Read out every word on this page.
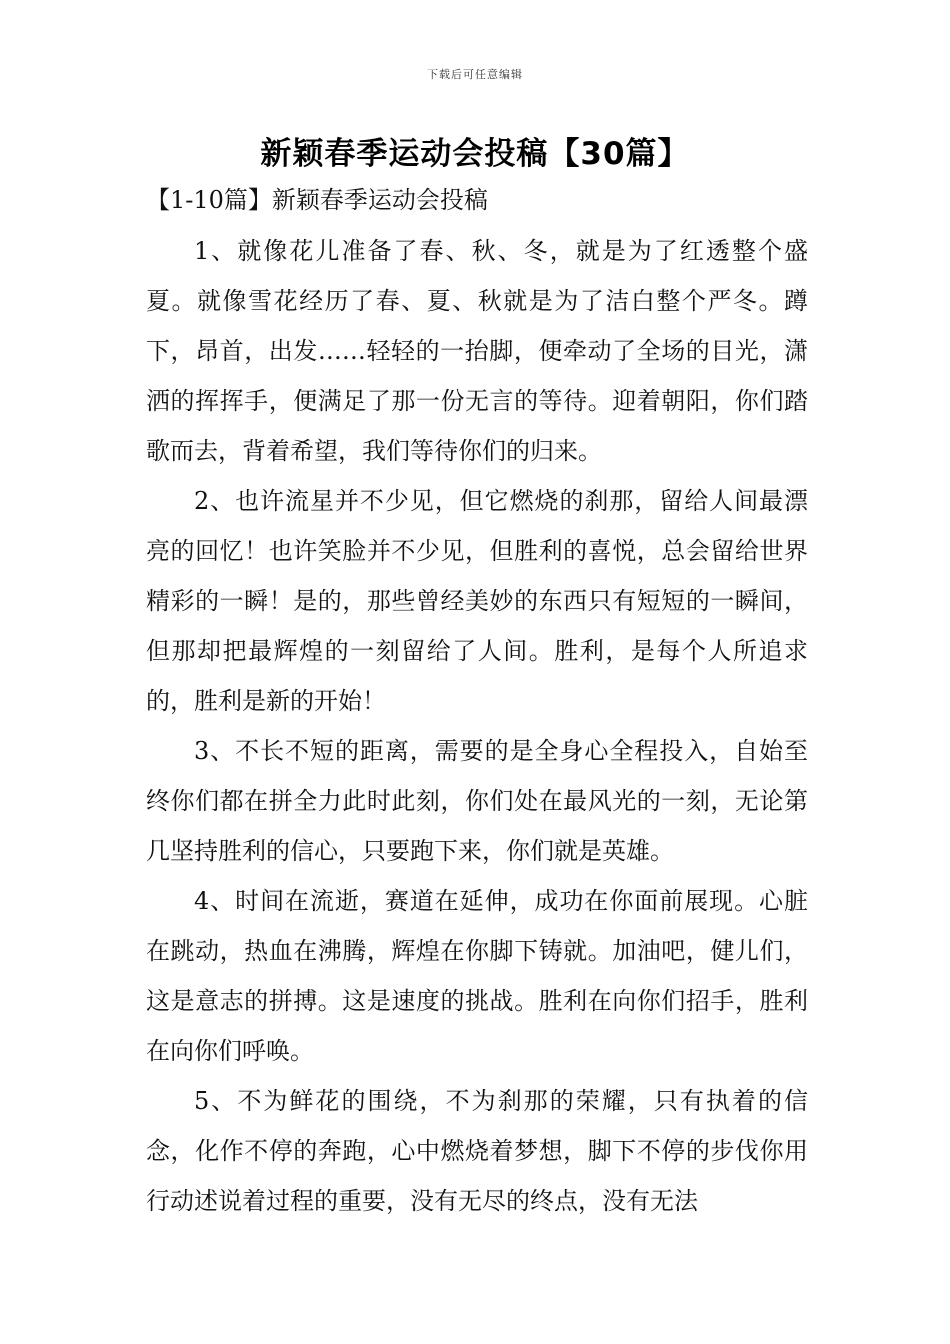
下载后可任意编辑
新颖春季运动会投稿【30篇】
【1-10篇】新颖春季运动会投稿

1、就像花儿准备了春、秋、冬，就是为了红透整个盛夏。就像雪花经历了春、夏、秋就是为了洁白整个严冬。蹲下，昂首，出发……轻轻的一抬脚，便牵动了全场的目光，潇洒的挥挥手，便满足了那一份无言的等待。迎着朝阳，你们踏歌而去，背着希望，我们等待你们的归来。

2、也许流星并不少见，但它燃烧的刹那，留给人间最漂亮的回忆！也许笑脸并不少见，但胜利的喜悦，总会留给世界精彩的一瞬！是的，那些曾经美妙的东西只有短短的一瞬间，但那却把最辉煌的一刻留给了人间。胜利，是每个人所追求的，胜利是新的开始！

3、不长不短的距离，需要的是全身心全程投入，自始至终你们都在拼全力此时此刻，你们处在最风光的一刻，无论第几坚持胜利的信心，只要跑下来，你们就是英雄。

4、时间在流逝，赛道在延伸，成功在你面前展现。心脏在跳动，热血在沸腾，辉煌在你脚下铸就。加油吧，健儿们，这是意志的拼搏。这是速度的挑战。胜利在向你们招手，胜利在向你们呼唤。

5、不为鲜花的围绕，不为刹那的荣耀，只有执着的信念，化作不停的奔跑，心中燃烧着梦想，脚下不停的步伐你用行动述说着过程的重要，没有无尽的终点，没有无法
